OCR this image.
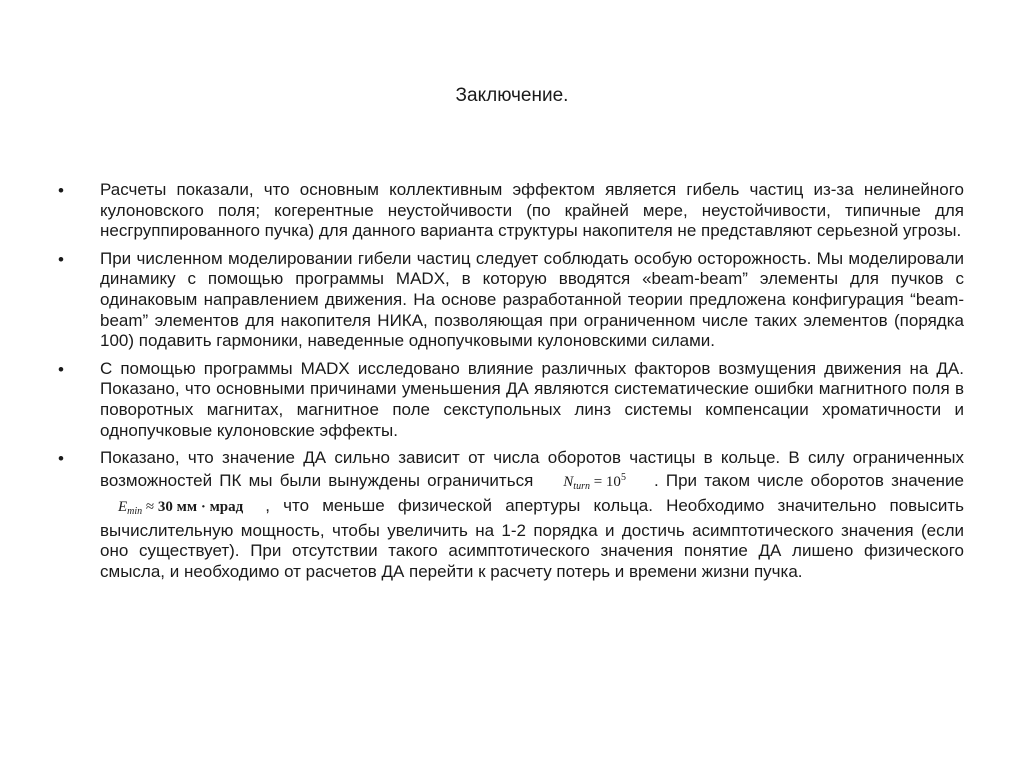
Заключение.
•	Расчеты показали, что основным коллективным эффектом является гибель частиц из-за нелинейного кулоновского поля; когерентные неустойчивости (по крайней мере, неустойчивости, типичные для несгруппированного пучка) для данного варианта структуры накопителя не представляют серьезной угрозы.
•	При численном моделировании гибели частиц следует соблюдать особую осторожность. Мы моделировали динамику с помощью программы MADX, в которую вводятся «beam-beam” элементы для пучков с одинаковым направлением движения. На основе разработанной теории предложена конфигурация “beam-beam” элементов для накопителя НИКА, позволяющая при ограниченном числе таких элементов (порядка 100) подавить гармоники, наведенные однопучковыми кулоновскими силами.
•	С помощью программы MADX исследовано влияние различных факторов возмущения движения на ДА. Показано, что основными причинами уменьшения ДА являются систематические ошибки магнитного поля в поворотных магнитах, магнитное поле секступольных линз системы компенсации хроматичности и однопучковые кулоновские эффекты.
•	Показано, что значение ДА сильно зависит от числа оборотов частицы в кольце. В силу ограниченных возможностей ПК мы были вынуждены ограничиться $N_{turn} = 10^5$ . При таком числе оборотов значениеE$_{min}$ ≈ 30 мм · мрад , что меньше физической апертуры кольца. Необходимо значительно повысить вычислительную мощность, чтобы увеличить на 1-2 порядка и достичь асимптотического значения (если оно существует). При отсутствии такого асимптотического значения понятие ДА лишено физического смысла, и необходимо от расчетов ДА перейти к расчету потерь и времени жизни пучка.
